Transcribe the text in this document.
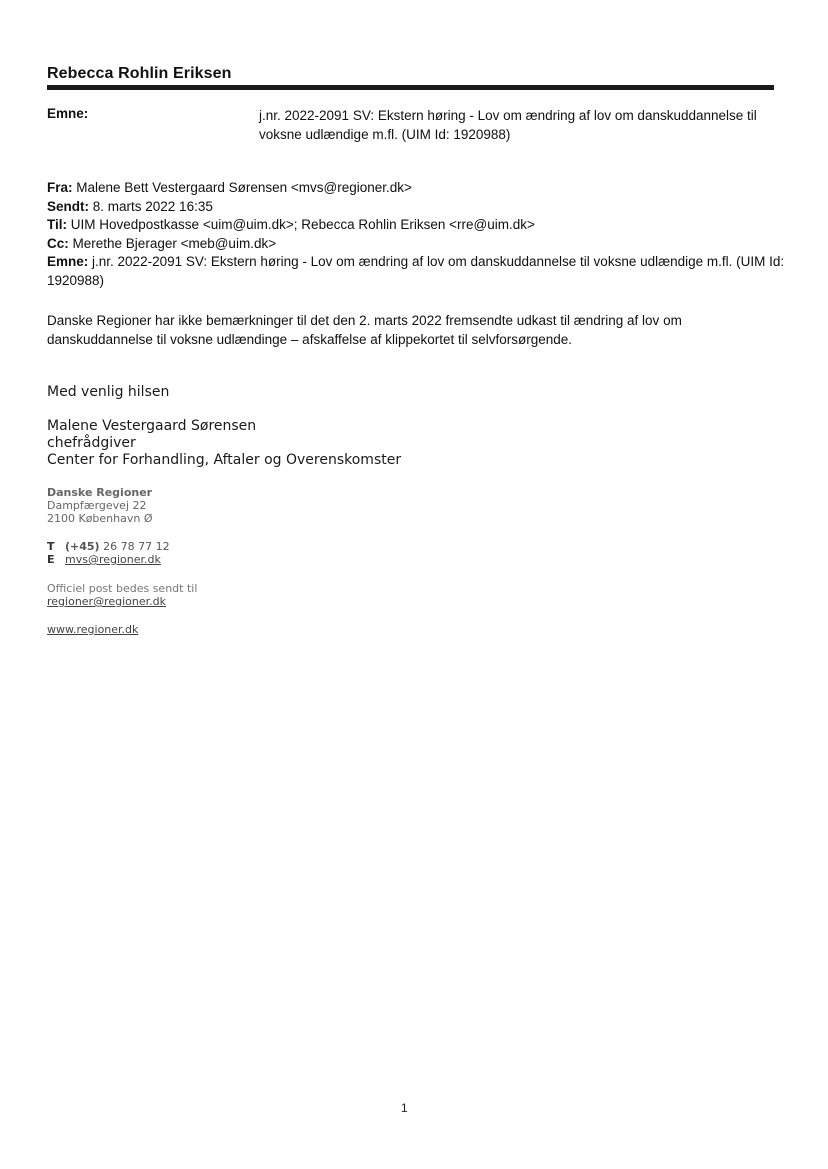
Rebecca Rohlin Eriksen
Emne:	j.nr. 2022-2091 SV: Ekstern høring - Lov om ændring af lov om danskuddannelse til voksne udlændige m.fl. (UIM Id: 1920988)
Fra: Malene Bett Vestergaard Sørensen <mvs@regioner.dk>
Sendt: 8. marts 2022 16:35
Til: UIM Hovedpostkasse <uim@uim.dk>; Rebecca Rohlin Eriksen <rre@uim.dk>
Cc: Merethe Bjerager <meb@uim.dk>
Emne: j.nr. 2022-2091 SV: Ekstern høring - Lov om ændring af lov om danskuddannelse til voksne udlændige m.fl. (UIM Id: 1920988)
Danske Regioner har ikke bemærkninger til det den 2. marts 2022 fremsendte udkast til ændring af lov om danskuddannelse til voksne udlændinge – afskaffelse af klippekortet til selvforsørgende.
Med venlig hilsen
Malene Vestergaard Sørensen
chefrådgiver
Center for Forhandling, Aftaler og Overenskomster
Danske Regioner
Dampfærgevej 22
2100 København Ø
T (+45) 26 78 77 12
E mvs@regioner.dk
Officiel post bedes sendt til
regioner@regioner.dk
www.regioner.dk
1
